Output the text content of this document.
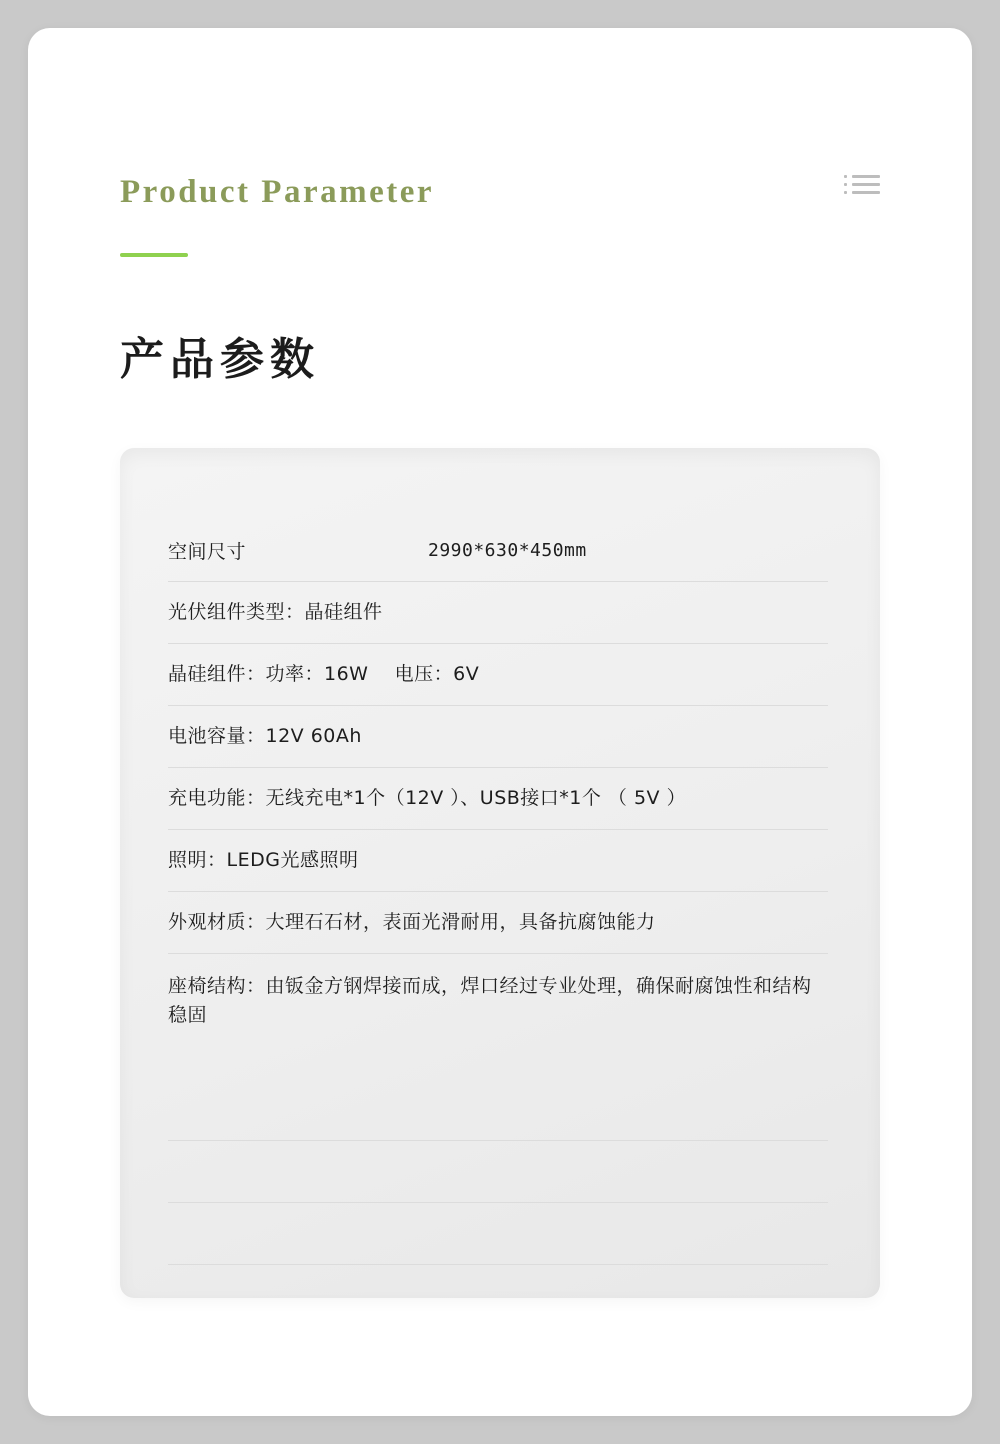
Product Parameter
产品参数
空间尺寸	2990*630*450mm
光伏组件类型：晶硅组件
晶硅组件：功率：16W    电压：6V
电池容量：12V 60Ah
充电功能：无线充电*1个（12V ）、USB接口*1个 （ 5V ）
照明：LEDG光感照明
外观材质：大理石石材，表面光滑耐用，具备抗腐蚀能力
座椅结构：由钣金方钢焊接而成，焊口经过专业处理，确保耐腐蚀性和结构稳固
